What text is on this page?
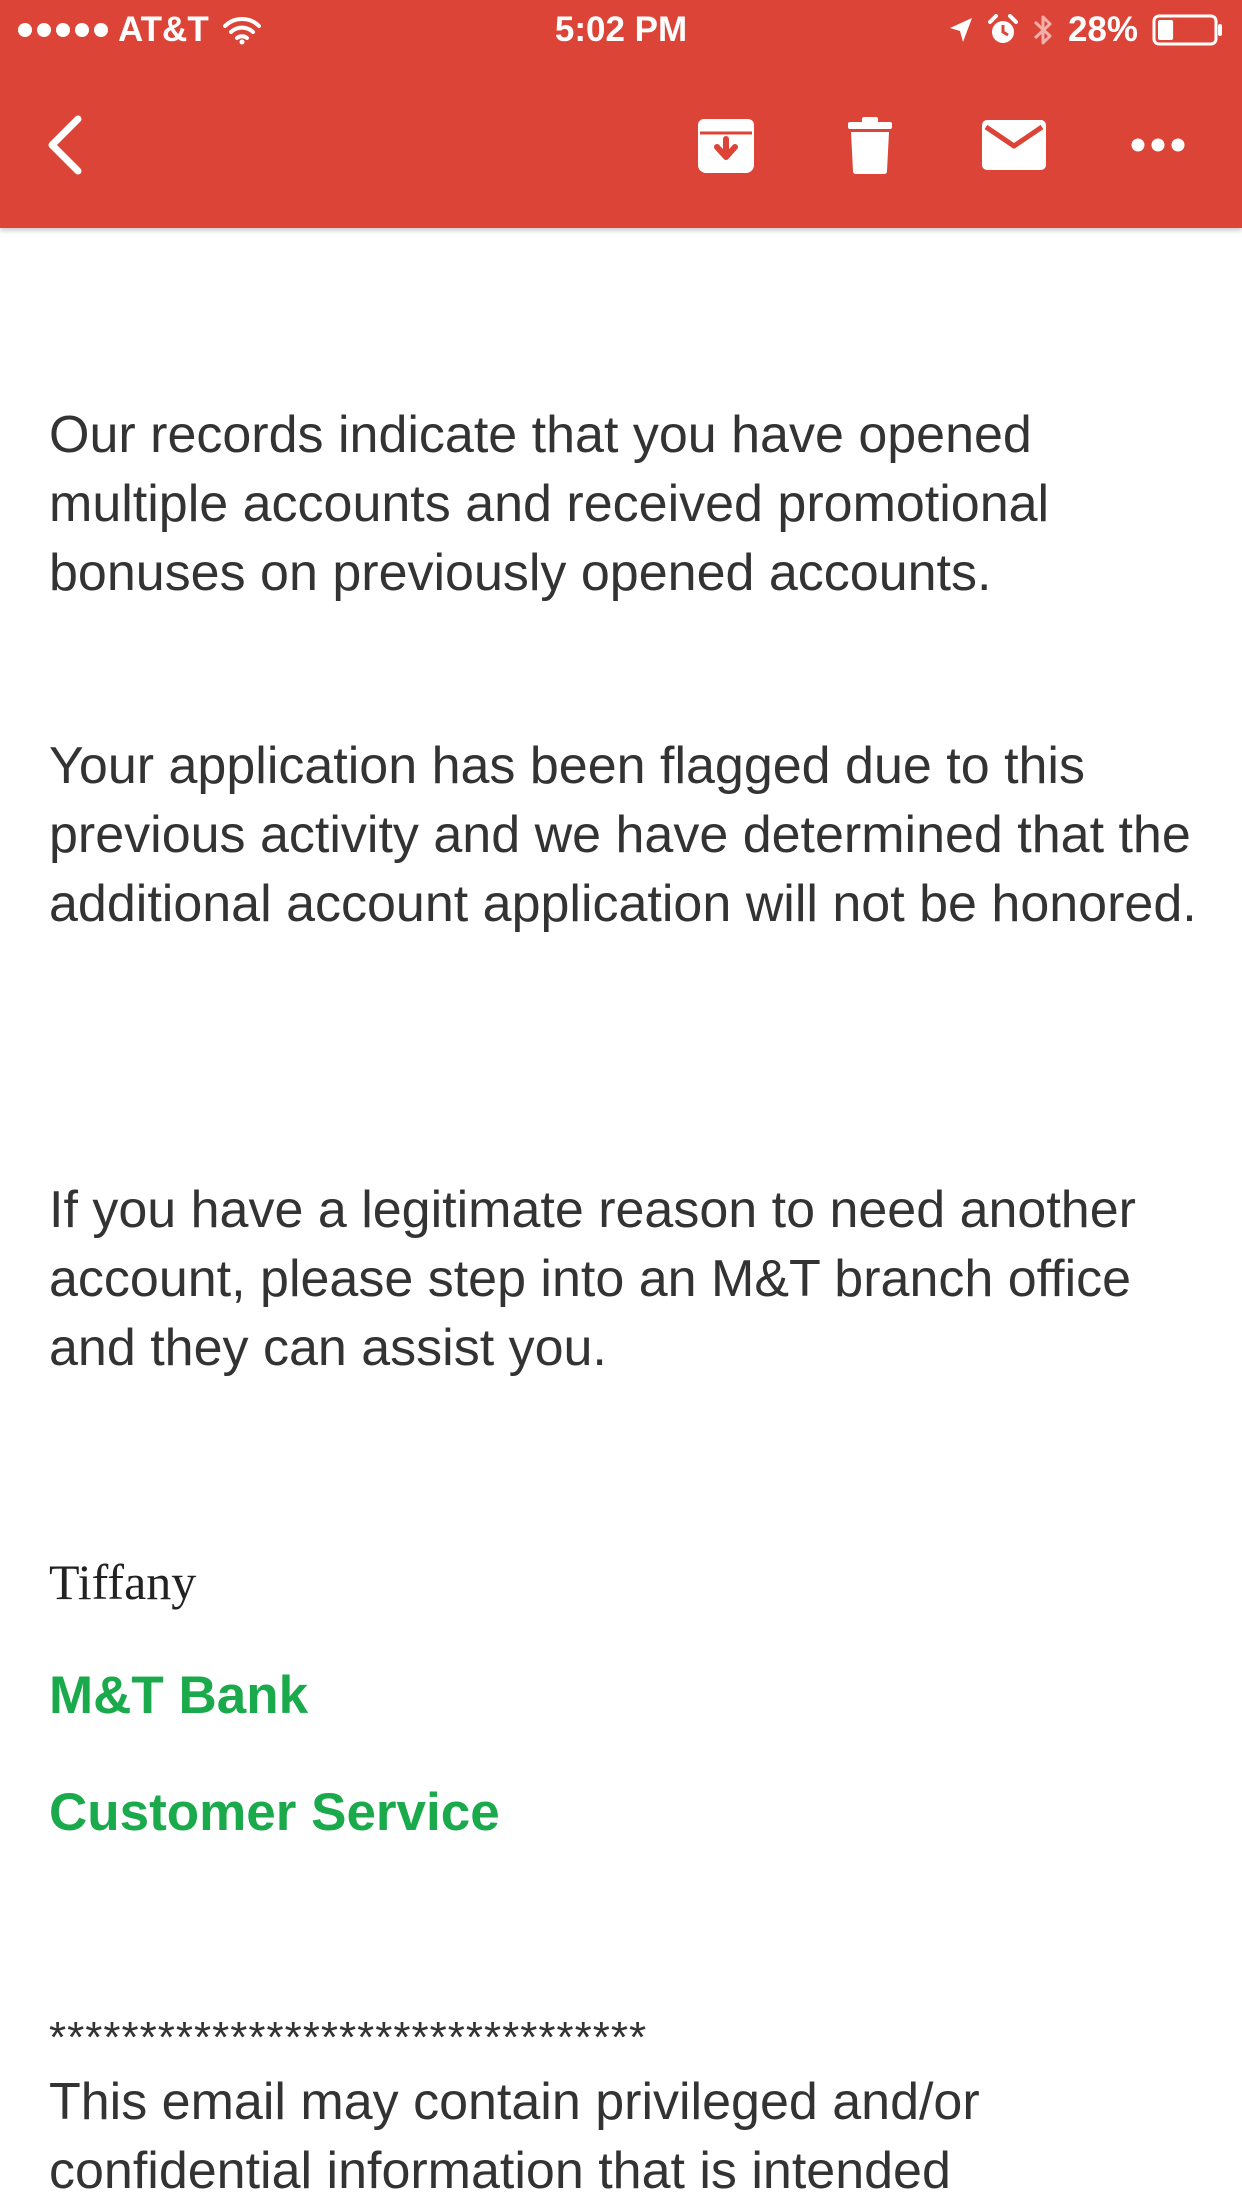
AT&T	5:02 PM	28%

Our records indicate that you have opened multiple accounts and received promotional bonuses on previously opened accounts.

Your application has been flagged due to this previous activity and we have determined that the additional account application will not be honored.

If you have a legitimate reason to need another account, please step into an M&T branch office and they can assist you.

Tiffany

M&T Bank

Customer Service

*********************************

This email may contain privileged and/or confidential information that is intended
